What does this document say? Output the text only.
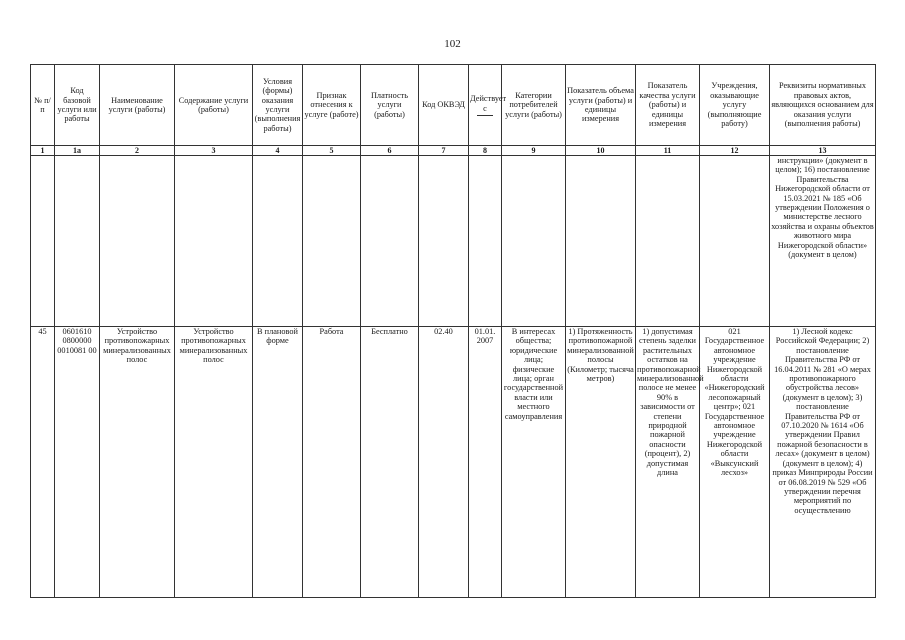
102
№ п/п	Код базовой услуги или работы	Наименование услуги (работы)	Содержание услуги (работы)	Условия (формы) оказания услуги (выполнения работы)	Признак отнесения к услуге (работе)	Платность услуги (работы)	Код ОКВЭД	Действует с	Категории потребителей услуги (работы)	Показатель объема услуги (работы) и единицы измерения	Показатель качества услуги (работы) и единицы измерения	Учреждения, оказывающие услугу (выполняющие работу)	Реквизиты нормативных правовых актов, являющихся основанием для оказания услуги (выполнения работы)
1	1а	2	3	4	5	6	7	8	9	10	11	12	13
													инструкции» (документ в целом); 16) постановление Правительства Нижегородской области от 15.03.2021 № 185 «Об утверждении Положения о министерстве лесного хозяйства и охраны объектов животного мира Нижегородской области» (документ в целом)
45	0601610 0800000 0010081 00	Устройство противопожарных минерализованных полос	Устройство противопожарных минерализованных полос	В плановой форме	Работа	Бесплатно	02.40	01.01. 2007	В интересах общества; юридические лица; физические лица; орган государственной власти или местного самоуправления	1) Протяженность противопожарной минерализованной полосы (Километр; тысяча метров)	1) допустимая степень заделки растительных остатков на противопожарной минерализованной полосе не менее 90% в зависимости от степени природной пожарной опасности (процент), 2) допустимая длина	021 Государственное автономное учреждение Нижегородской области «Нижегородский лесопожарный центр»; 021 Государственное автономное учреждение Нижегородской области «Выксунский лесхоз»	1) Лесной кодекс Российской Федерации; 2) постановление Правительства РФ от 16.04.2011 № 281 «О мерах противопожарного обустройства лесов» (документ в целом); 3) постановление Правительства РФ от 07.10.2020 № 1614 «Об утверждении Правил пожарной безопасности в лесах» (документ в целом) (документ в целом); 4) приказ Минприроды России от 06.08.2019 № 529 «Об утверждении перечня мероприятий по осуществлению
